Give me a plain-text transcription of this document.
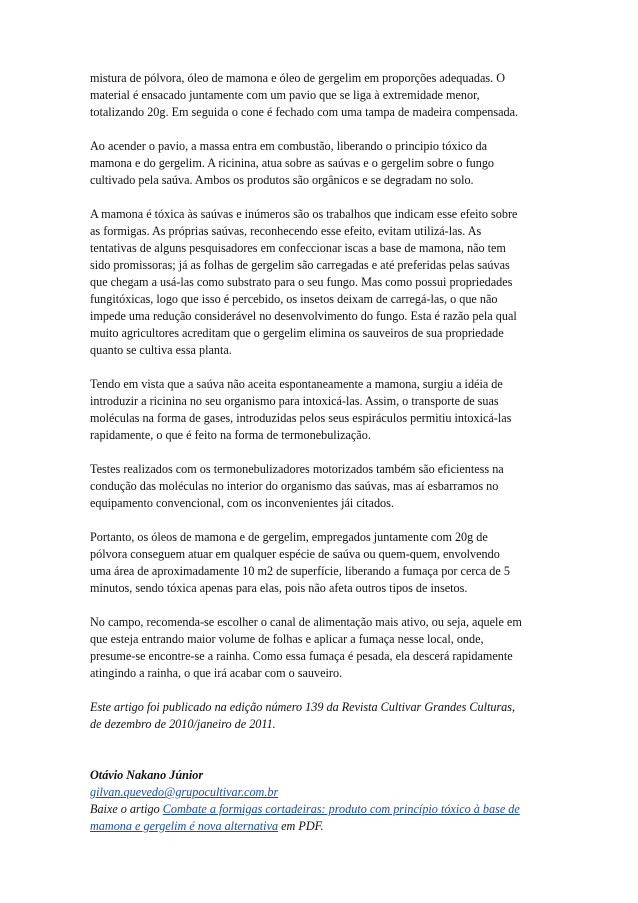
mistura de pólvora, óleo de mamona e óleo de gergelim em proporções adequadas. O
material é ensacado juntamente com um pavio que se liga à extremidade menor,
totalizando 20g. Em seguida o cone é fechado com uma tampa de madeira compensada.

Ao acender o pavio, a massa entra em combustão, liberando o principio tóxico da
mamona e do gergelim. A ricinina, atua sobre as saúvas e o gergelim sobre o fungo
cultivado pela saúva. Ambos os produtos são orgânicos e se degradam no solo.

A mamona é tóxica às saúvas e inúmeros são os trabalhos que indicam esse efeito sobre
as formigas. As próprias saúvas, reconhecendo esse efeito, evitam utilizá-las. As
tentativas de alguns pesquisadores em confeccionar iscas a base de mamona, não tem
sido promissoras; já as folhas de gergelim são carregadas e até preferidas pelas saúvas
que chegam a usá-las como substrato para o seu fungo. Mas como possui propriedades
fungitóxicas, logo que isso é percebido, os insetos deixam de carregá-las, o que não
impede uma redução considerável no desenvolvimento do fungo. Esta é razão pela qual
muito agricultores acreditam que o gergelim elimina os sauveiros de sua propriedade
quanto se cultiva essa planta.

Tendo em vista que a saúva não aceita espontaneamente a mamona, surgiu a idéia de
introduzir a ricinina no seu organismo para intoxicá-las. Assim, o transporte de suas
moléculas na forma de gases, introduzidas pelos seus espiráculos permitiu intoxicá-las
rapidamente, o que é feito na forma de termonebulização.

Testes realizados com os termonebulizadores motorizados também são eficientess na
condução das moléculas no interior do organismo das saúvas, mas aí esbarramos no
equipamento convencional, com os inconvenientes jái citados.

Portanto, os óleos de mamona e de gergelim, empregados juntamente com 20g de
pólvora conseguem atuar em qualquer espécie de saúva ou quem-quem, envolvendo
uma área de aproximadamente 10 m2 de superfície, liberando a fumaça por cerca de 5
minutos, sendo tóxica apenas para elas, pois não afeta outros tipos de insetos.

No campo, recomenda-se escolher o canal de alimentação mais ativo, ou seja, aquele em
que esteja entrando maior volume de folhas e aplicar a fumaça nesse local, onde,
presume-se encontre-se a rainha. Como essa fumaça é pesada, ela descerá rapidamente
atingindo a rainha, o que irá acabar com o sauveiro.

Este artigo foi publicado na edição número 139 da Revista Cultivar Grandes Culturas,
de dezembro de 2010/janeiro de 2011.

Otávio Nakano Júnior
gilvan.quevedo@grupocultivar.com.br
Baixe o artigo Combate a formigas cortadeiras: produto com princípio tóxico à base de
mamona e gergelim é nova alternativa em PDF.
